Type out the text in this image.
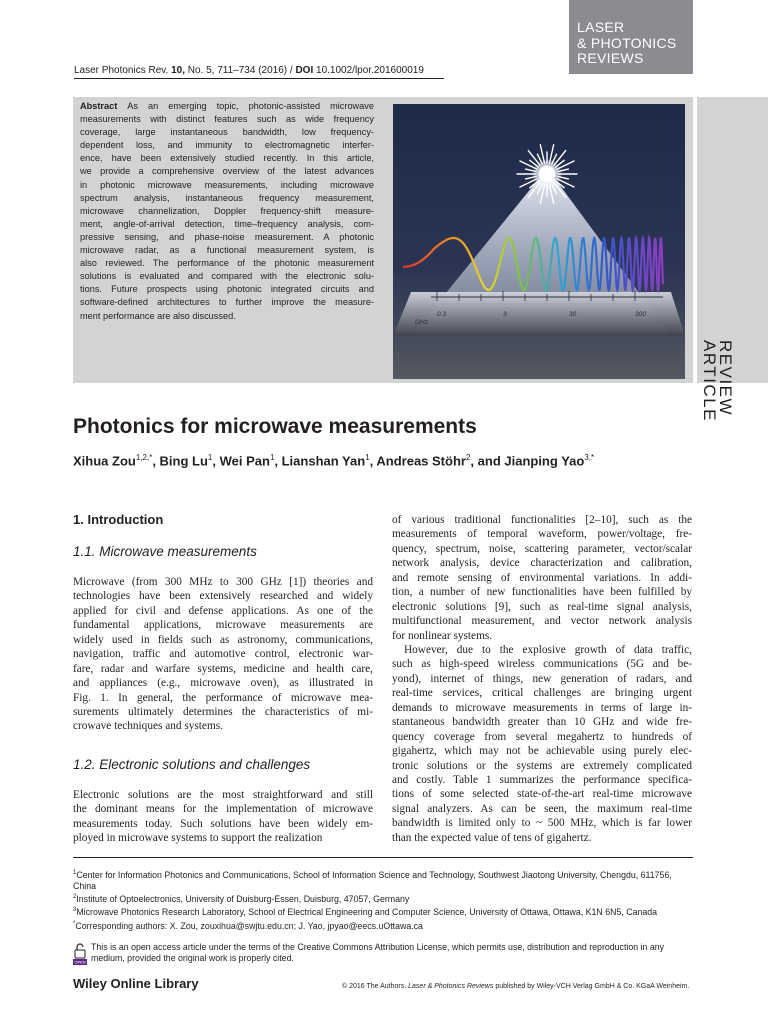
LASER
& PHOTONICS
REVIEWS
Laser Photonics Rev. 10, No. 5, 711–734 (2016) / DOI 10.1002/lpor.201600019
Abstract As an emerging topic, photonic-assisted microwave
measurements with distinct features such as wide frequency
coverage, large instantaneous bandwidth, low frequency-
dependent loss, and immunity to electromagnetic interfer-
ence, have been extensively studied recently. In this article,
we provide a comprehensive overview of the latest advances
in photonic microwave measurements, including microwave
spectrum analysis, instantaneous frequency measurement,
microwave channelization, Doppler frequency-shift measure-
ment, angle-of-arrival detection, time–frequency analysis, com-
pressive sensing, and phase-noise measurement. A photonic
microwave radar, as a functional measurement system, is
also reviewed. The performance of the photonic measurement
solutions is evaluated and compared with the electronic solu-
tions. Future prospects using photonic integrated circuits and
software-defined architectures to further improve the measure-
ment performance are also discussed.
GHz
0.3	3	30	300
REVIEW
ARTICLE
Photonics for microwave measurements
Xihua Zou$^{1,2,*}$, Bing Lu$^1$, Wei Pan$^1$, Lianshan Yan$^1$, Andreas Stöhr$^2$, and Jianping Yao$^{3,*}$
1. Introduction
1.1. Microwave measurements
Microwave (from 300 MHz to 300 GHz [1]) theories and
technologies have been extensively researched and widely
applied for civil and defense applications. As one of the
fundamental applications, microwave measurements are
widely used in fields such as astronomy, communications,
navigation, traffic and automotive control, electronic war-
fare, radar and warfare systems, medicine and health care,
and appliances (e.g., microwave oven), as illustrated in
Fig. 1. In general, the performance of microwave mea-
surements ultimately determines the characteristics of mi-
crowave techniques and systems.
1.2. Electronic solutions and challenges
Electronic solutions are the most straightforward and still
the dominant means for the implementation of microwave
measurements today. Such solutions have been widely em-
ployed in microwave systems to support the realization
of various traditional functionalities [2–10], such as the
measurements of temporal waveform, power/voltage, fre-
quency, spectrum, noise, scattering parameter, vector/scalar
network analysis, device characterization and calibration,
and remote sensing of environmental variations. In addi-
tion, a number of new functionalities have been fulfilled by
electronic solutions [9], such as real-time signal analysis,
multifunctional measurement, and vector network analysis
for nonlinear systems.
However, due to the explosive growth of data traffic,
such as high-speed wireless communications (5G and be-
yond), internet of things, new generation of radars, and
real-time services, critical challenges are bringing urgent
demands to microwave measurements in terms of large in-
stantaneous bandwidth greater than 10 GHz and wide fre-
quency coverage from several megahertz to hundreds of
gigahertz, which may not be achievable using purely elec-
tronic solutions or the systems are extremely complicated
and costly. Table 1 summarizes the performance specifica-
tions of some selected state-of-the-art real-time microwave
signal analyzers. As can be seen, the maximum real-time
bandwidth is limited only to ~ 500 MHz, which is far lower
than the expected value of tens of gigahertz.
$^1$Center for Information Photonics and Communications, School of Information Science and Technology, Southwest Jiaotong University, Chengdu, 611756, China
$^2$Institute of Optoelectronics, University of Duisburg-Essen, Duisburg, 47057, Germany
$^3$Microwave Photonics Research Laboratory, School of Electrical Engineering and Computer Science, University of Ottawa, Ottawa, K1N 6N5, Canada
*Corresponding authors: X. Zou, zouxihua@swjtu.edu.cn; J. Yao, jpyao@eecs.uOttawa.ca
OPEN
This is an open access article under the terms of the Creative Commons Attribution License, which permits use, distribution and reproduction in any medium, provided the original work is properly cited.
Wiley Online Library	© 2016 The Authors. Laser & Photonics Reviews published by Wiley-VCH Verlag GmbH & Co. KGaA Weinheim.
